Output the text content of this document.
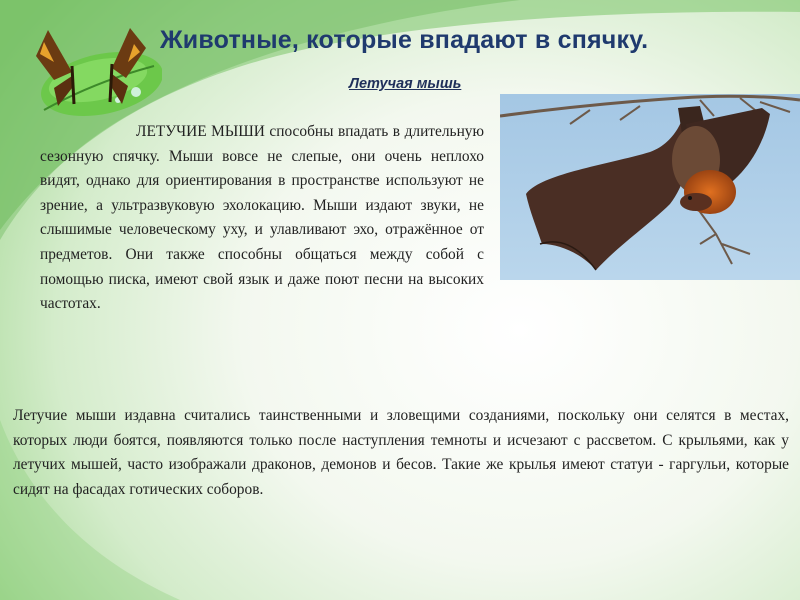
Животные, которые впадают в спячку.
Летучая мышь

ЛЕТУЧИЕ МЫШИ способны впадать в длительную сезонную спячку. Мыши вовсе не слепые, они очень неплохо видят, однако для ориентирования в пространстве используют не зрение, а ультразвуковую эхолокацию. Мыши издают звуки, не слышимые человеческому уху, и улавливают эхо, отражённое от предметов. Они также способны общаться между собой с помощью писка, имеют свой язык и даже поют песни на высоких частотах.

Летучие мыши издавна считались таинственными и зловещими созданиями, поскольку они селятся в местах, которых люди боятся, появляются только после наступления темноты и исчезают с рассветом. С крыльями, как у летучих мышей, часто изображали драконов, демонов и бесов. Такие же крылья имеют статуи - гаргульи, которые сидят на фасадах готических соборов.
